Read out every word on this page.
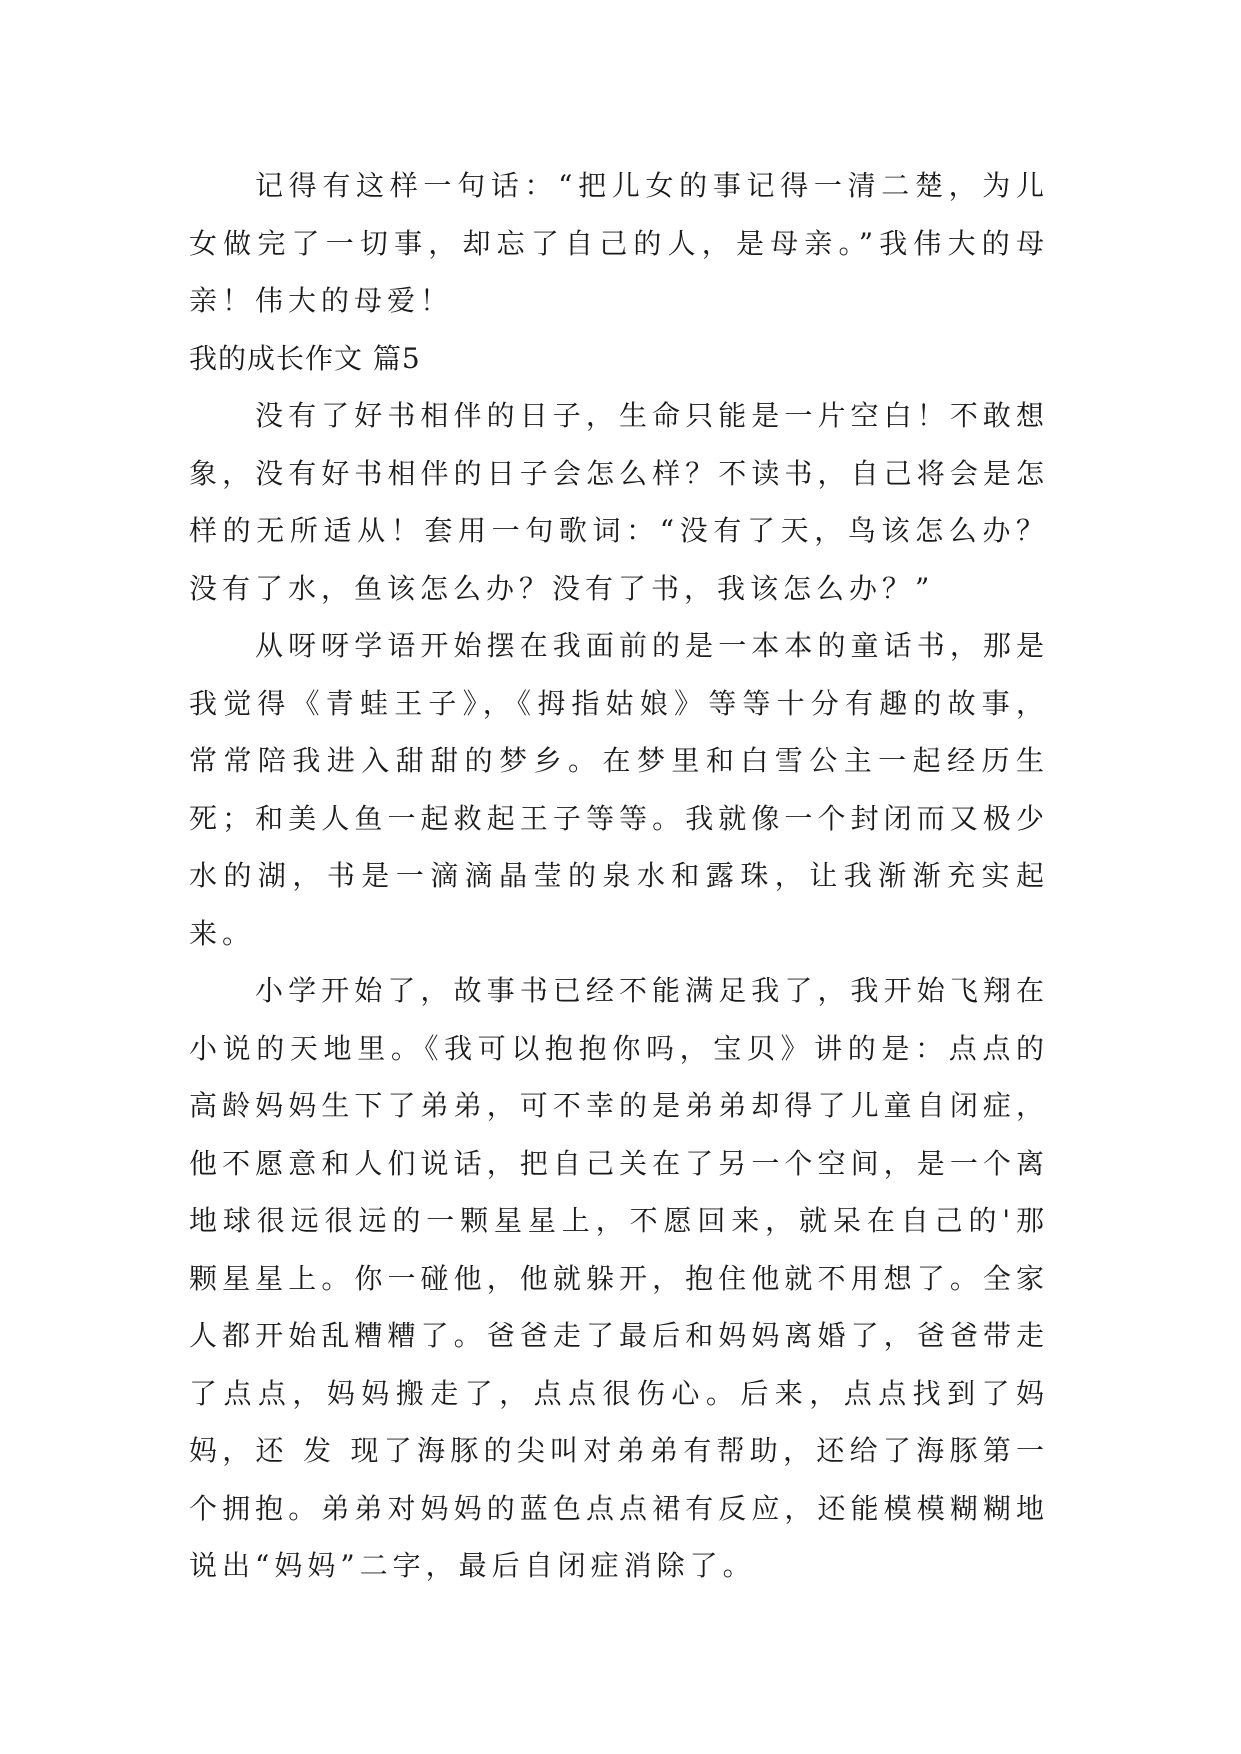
记得有这样一句话：“把儿女的事记得一清二楚，为儿女做完了一切事，却忘了自己的人，是母亲。”我伟大的母亲！伟大的母爱！

我的成长作文 篇5

没有了好书相伴的日子，生命只能是一片空白！不敢想象，没有好书相伴的日子会怎么样？不读书，自己将会是怎样的无所适从！套用一句歌词：“没有了天，鸟该怎么办？没有了水，鱼该怎么办？没有了书，我该怎么办？”

从呀呀学语开始摆在我面前的是一本本的童话书，那是我觉得《青蛙王子》，《拇指姑娘》等等十分有趣的故事，常常陪我进入甜甜的梦乡。在梦里和白雪公主一起经历生死；和美人鱼一起救起王子等等。我就像一个封闭而又极少水的湖，书是一滴滴晶莹的泉水和露珠，让我渐渐充实起来。

小学开始了，故事书已经不能满足我了，我开始飞翔在小说的天地里。《我可以抱抱你吗，宝贝》讲的是：点点的高龄妈妈生下了弟弟，可不幸的是弟弟却得了儿童自闭症，他不愿意和人们说话，把自己关在了另一个空间，是一个离地球很远很远的一颗星星上，不愿回来，就呆在自己的'那颗星星上。你一碰他，他就躲开，抱住他就不用想了。全家人都开始乱糟糟了。爸爸走了最后和妈妈离婚了，爸爸带走了点点，妈妈搬走了，点点很伤心。后来，点点找到了妈妈，还 发 现了海豚的尖叫对弟弟有帮助，还给了海豚第一个拥抱。弟弟对妈妈的蓝色点点裙有反应，还能模模糊糊地说出“妈妈”二字，最后自闭症消除了。
